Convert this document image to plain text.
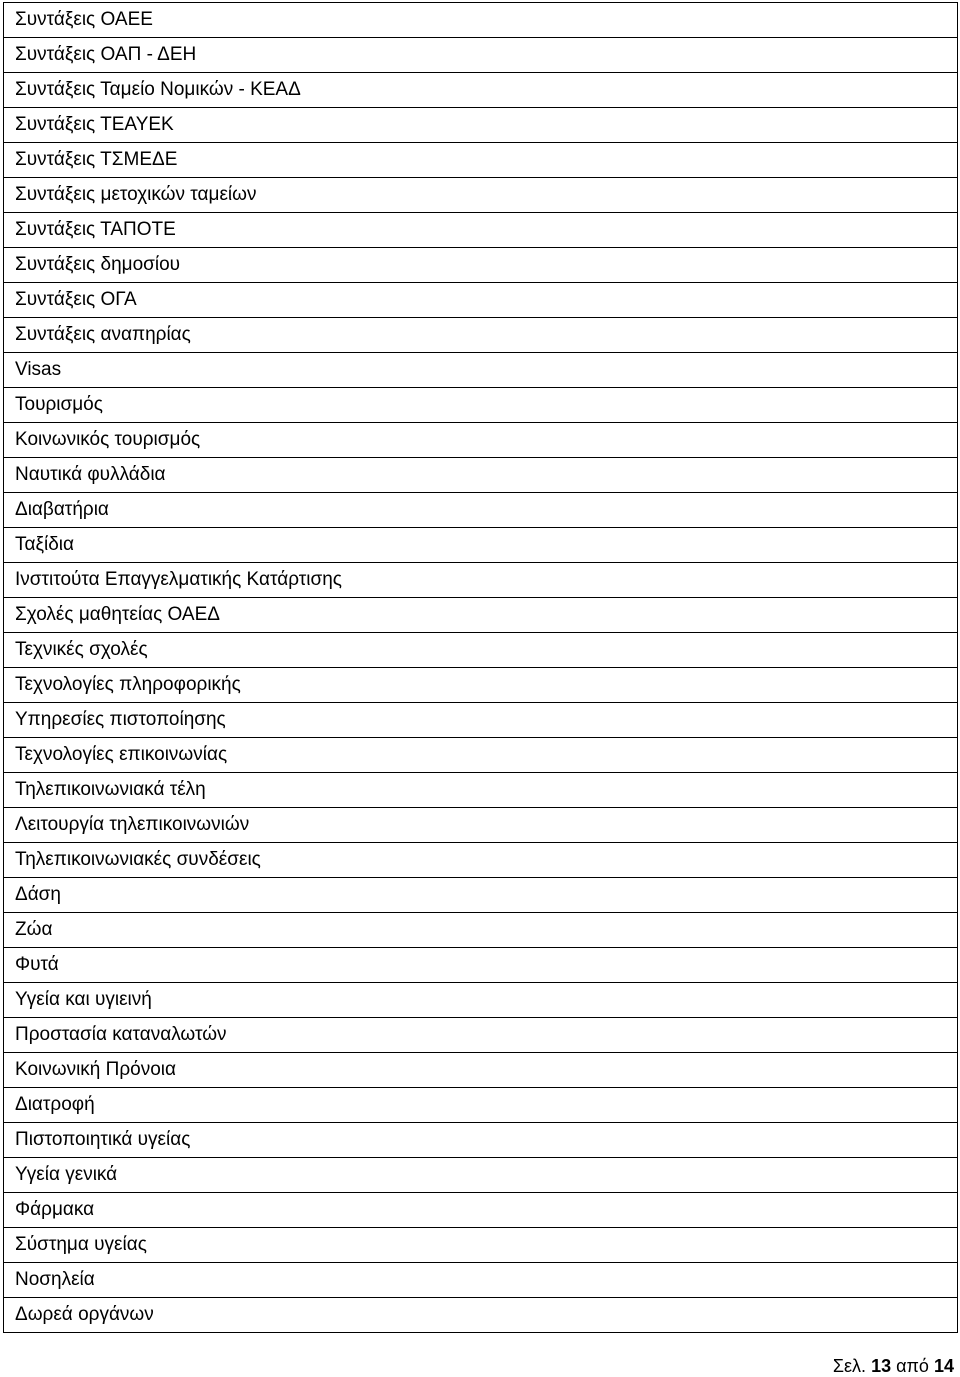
Συντάξεις ΟΑΕΕ
Συντάξεις ΟΑΠ - ΔΕΗ
Συντάξεις Ταμείο Νομικών - ΚΕΑΔ
Συντάξεις ΤΕΑΥΕΚ
Συντάξεις ΤΣΜΕΔΕ
Συντάξεις μετοχικών ταμείων
Συντάξεις ΤΑΠΟΤΕ
Συντάξεις δημοσίου
Συντάξεις ΟΓΑ
Συντάξεις αναπηρίας
Visas
Τουρισμός
Κοινωνικός τουρισμός
Ναυτικά φυλλάδια
Διαβατήρια
Ταξίδια
Ινστιτούτα Επαγγελματικής Κατάρτισης
Σχολές μαθητείας ΟΑΕΔ
Τεχνικές σχολές
Τεχνολογίες πληροφορικής
Υπηρεσίες πιστοποίησης
Τεχνολογίες επικοινωνίας
Τηλεπικοινωνιακά τέλη
Λειτουργία τηλεπικοινωνιών
Τηλεπικοινωνιακές συνδέσεις
Δάση
Ζώα
Φυτά
Υγεία και υγιεινή
Προστασία καταναλωτών
Κοινωνική Πρόνοια
Διατροφή
Πιστοποιητικά υγείας
Υγεία γενικά
Φάρμακα
Σύστημα υγείας
Νοσηλεία
Δωρεά οργάνων
Σελ. 13 από 14
